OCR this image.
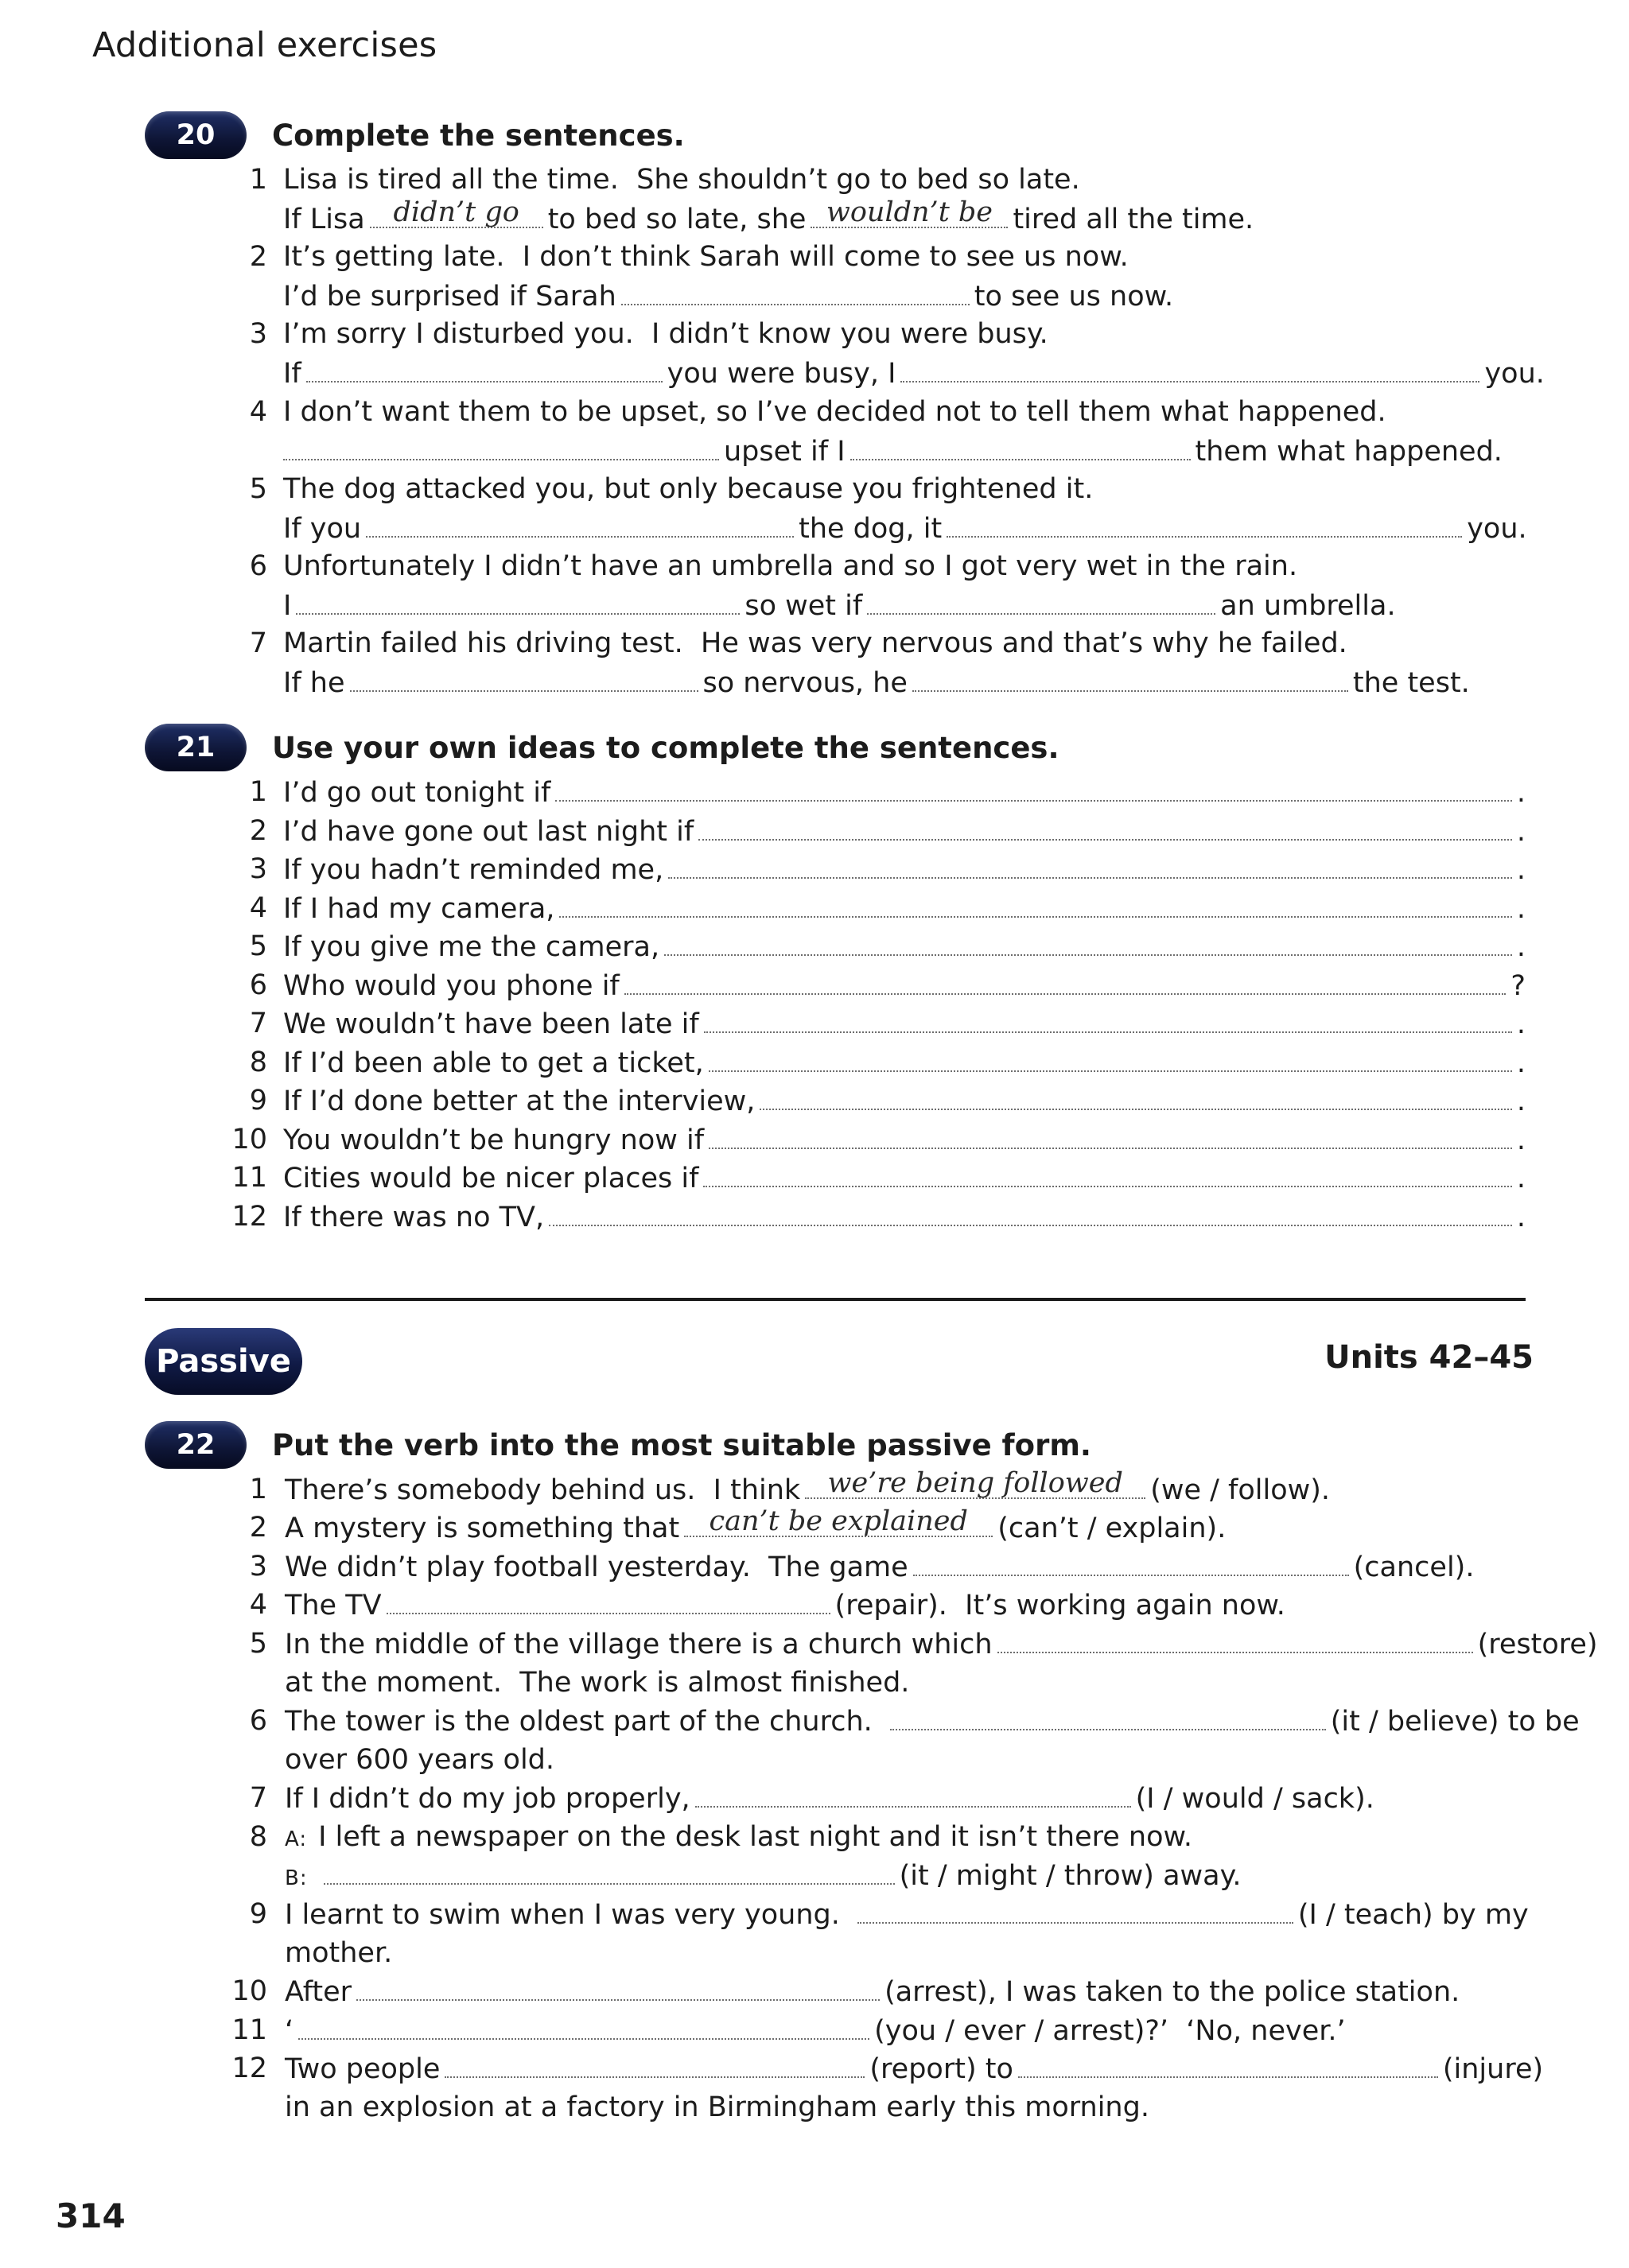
Additional exercises
20	Complete the sentences.
1 Lisa is tired all the time.  She shouldn’t go to bed so late.
If Lisa	didn’t go	to bed so late, she wouldn’t be tired all the time.
2 It’s getting late.  I don’t think Sarah will come to see us now.
I’d be surprised if Sarah	to see us now.
3 I’m sorry I disturbed you.  I didn’t know you were busy.
If	you were busy, I	you.
4 I don’t want them to be upset, so I’ve decided not to tell them what happened.
upset if I	them what happened.
5 The dog attacked you, but only because you frightened it.
If you	the dog, it	you.
6 Unfortunately I didn’t have an umbrella and so I got very wet in the rain.
I	so wet if	an umbrella.
7 Martin failed his driving test.  He was very nervous and that’s why he failed.
If he	so nervous, he	the test.
21	Use your own ideas to complete the sentences.
1 I’d go out tonight if	.
2 I’d have gone out last night if	.
3 If you hadn’t reminded me,	.
4 If I had my camera,	.
5 If you give me the camera,	.
6 Who would you phone if	?
7 We wouldn’t have been late if	.
8 If I’d been able to get a ticket,	.
9 If I’d done better at the interview,	.
10 You wouldn’t be hungry now if	.
11 Cities would be nicer places if	.
12 If there was no TV,	.
Passive	Units 42–45
22	Put the verb into the most suitable passive form.
1 There’s somebody behind us.  I think we’re being followed (we / follow).
2 A mystery is something that	can’t be explained	(can’t / explain).
3 We didn’t play football yesterday.  The game	(cancel).
4 The TV	(repair).  It’s working again now.
5 In the middle of the village there is a church which	(restore)
at the moment.  The work is almost finished.
6 The tower is the oldest part of the church.	(it / believe) to be
over 600 years old.
7 If I didn’t do my job properly,	(I / would / sack).
8 A: I left a newspaper on the desk last night and it isn’t there now.
B:	(it / might / throw) away.
9 I learnt to swim when I was very young.	(I / teach) by my
mother.
10 After	(arrest), I was taken to the police station.
11 ‘	(you / ever / arrest)?’  ‘No, never.’
12 Two people	(report) to	(injure)
in an explosion at a factory in Birmingham early this morning.
314
